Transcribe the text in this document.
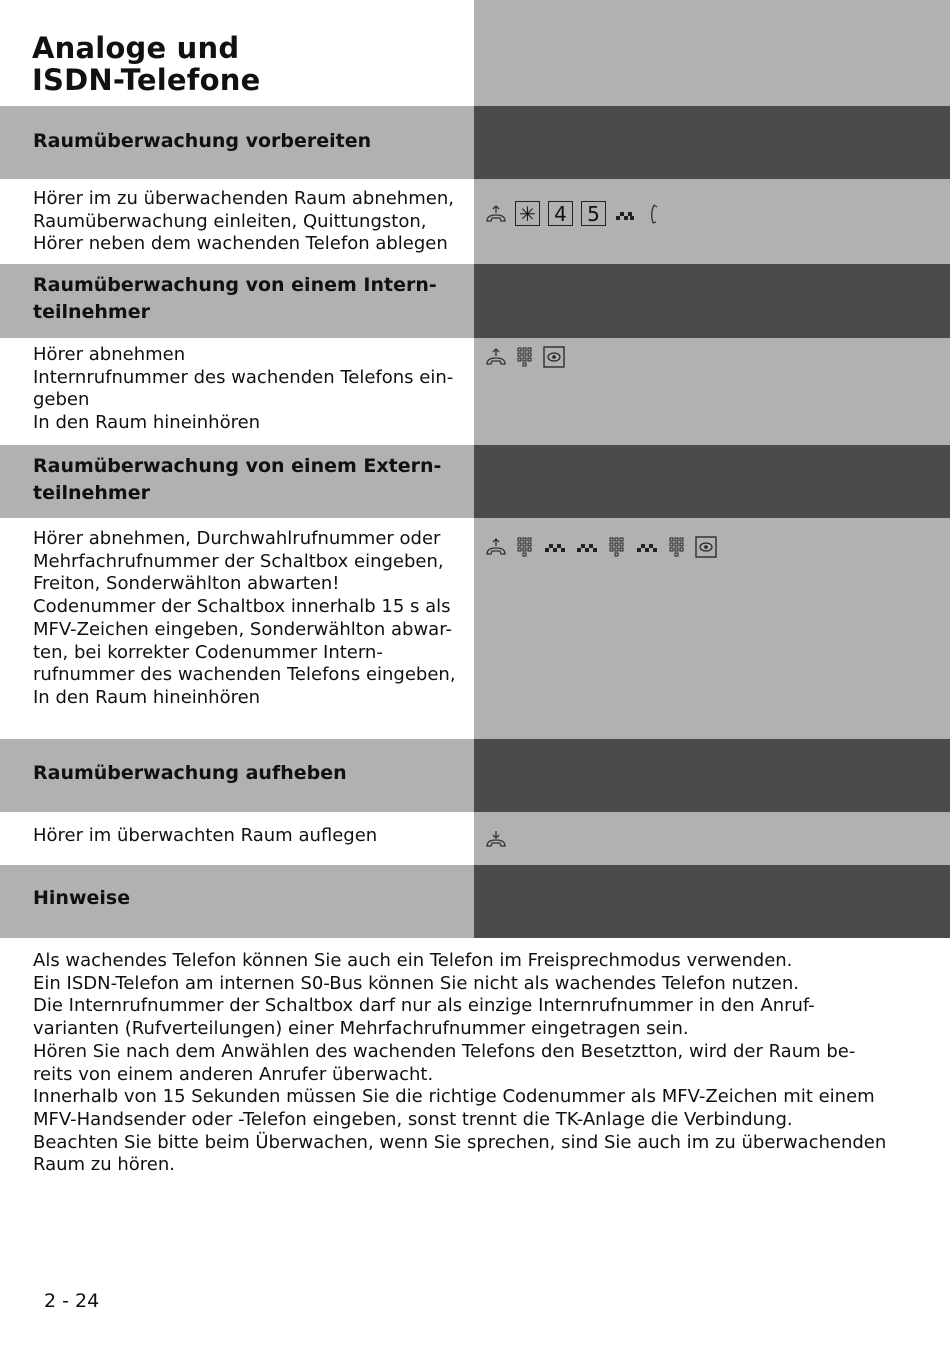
Analoge und
ISDN-Telefone
Raumüberwachung vorbereiten
Raumüberwachung von einem Intern-
teilnehmer
Raumüberwachung von einem Extern-
teilnehmer
Raumüberwachung aufheben
Hinweise
Hörer im zu überwachenden Raum abnehmen,
Raumüberwachung einleiten, Quittungston,
Hörer neben dem wachenden Telefon ablegen
Hörer abnehmen
Internrufnummer des wachenden Telefons ein-
geben
In den Raum hineinhören
Hörer abnehmen, Durchwahlrufnummer oder
Mehrfachrufnummer der Schaltbox eingeben,
Freiton, Sonderwählton abwarten!
Codenummer der Schaltbox innerhalb 15 s als
MFV-Zeichen eingeben, Sonderwählton abwar-
ten, bei korrekter Codenummer Intern-
rufnummer des wachenden Telefons eingeben,
In den Raum hineinhören
Hörer im überwachten Raum auflegen
✳ 4	5
Als wachendes Telefon können Sie auch ein Telefon im Freisprechmodus verwenden.
Ein ISDN-Telefon am internen S0-Bus können Sie nicht als wachendes Telefon nutzen.
Die Internrufnummer der Schaltbox darf nur als einzige Internrufnummer in den Anruf-
varianten (Rufverteilungen) einer Mehrfachrufnummer eingetragen sein.
Hören Sie nach dem Anwählen des wachenden Telefons den Besetztton, wird der Raum be-
reits von einem anderen Anrufer überwacht.
Innerhalb von 15 Sekunden müssen Sie die richtige Codenummer als MFV-Zeichen mit einem
MFV-Handsender oder -Telefon eingeben, sonst trennt die TK-Anlage die Verbindung.
Beachten Sie bitte beim Überwachen, wenn Sie sprechen, sind Sie auch im zu überwachenden
Raum zu hören.
2 - 24
